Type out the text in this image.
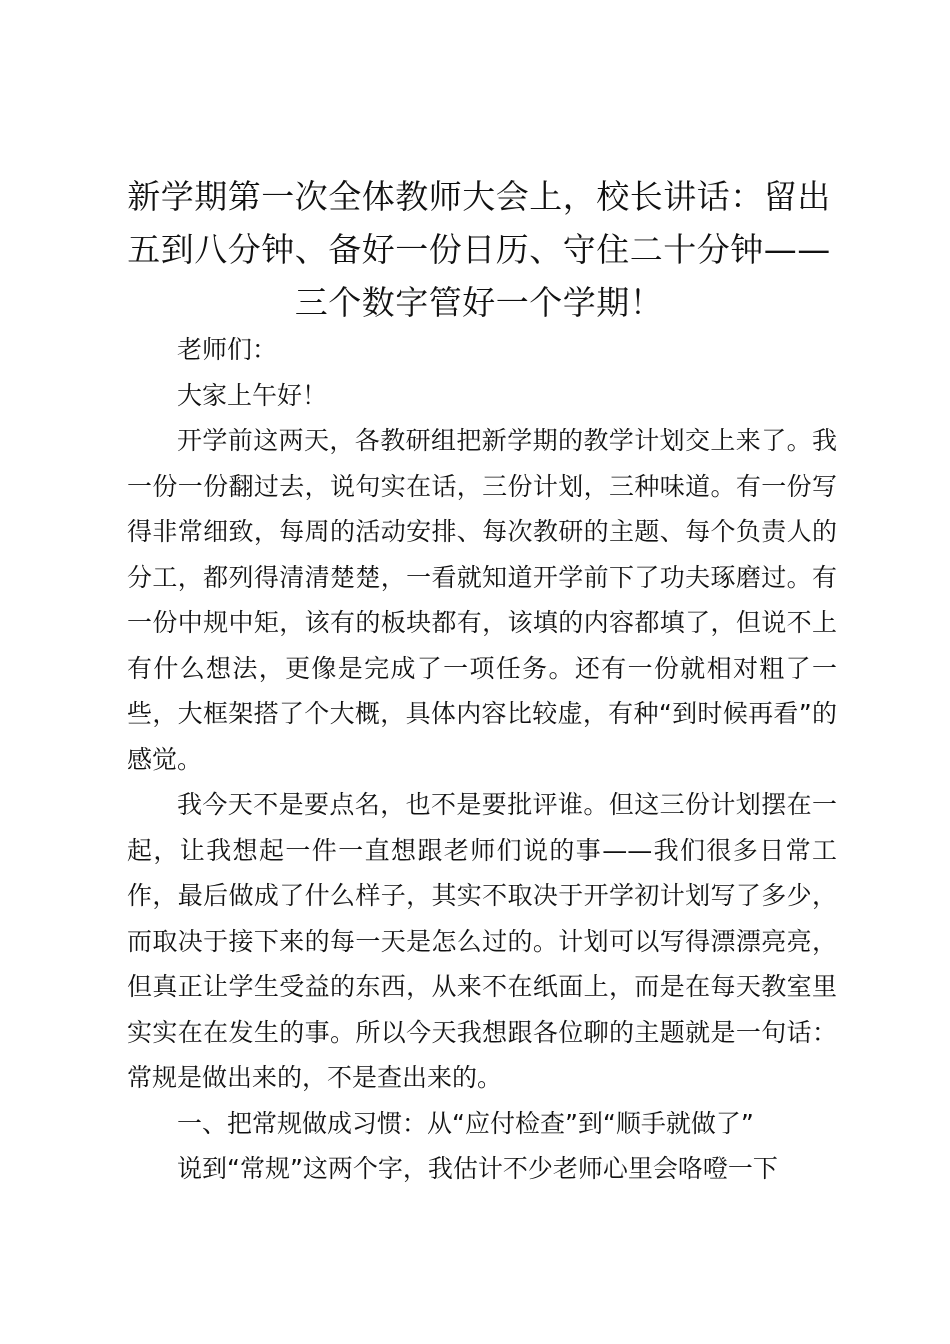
新学期第一次全体教师大会上，校长讲话：留出五到八分钟、备好一份日历、守住二十分钟——三个数字管好一个学期！

老师们：

大家上午好！

开学前这两天，各教研组把新学期的教学计划交上来了。我一份一份翻过去，说句实在话，三份计划，三种味道。有一份写得非常细致，每周的活动安排、每次教研的主题、每个负责人的分工，都列得清清楚楚，一看就知道开学前下了功夫琢磨过。有一份中规中矩，该有的板块都有，该填的内容都填了，但说不上有什么想法，更像是完成了一项任务。还有一份就相对粗了一些，大框架搭了个大概，具体内容比较虚，有种“到时候再看”的感觉。

我今天不是要点名，也不是要批评谁。但这三份计划摆在一起，让我想起一件一直想跟老师们说的事——我们很多日常工作，最后做成了什么样子，其实不取决于开学初计划写了多少，而取决于接下来的每一天是怎么过的。计划可以写得漂漂亮亮，但真正让学生受益的东西，从来不在纸面上，而是在每天教室里实实在在发生的事。所以今天我想跟各位聊的主题就是一句话：常规是做出来的，不是查出来的。

一、把常规做成习惯：从“应付检查”到“顺手就做了”

说到“常规”这两个字，我估计不少老师心里会咯噔一下
